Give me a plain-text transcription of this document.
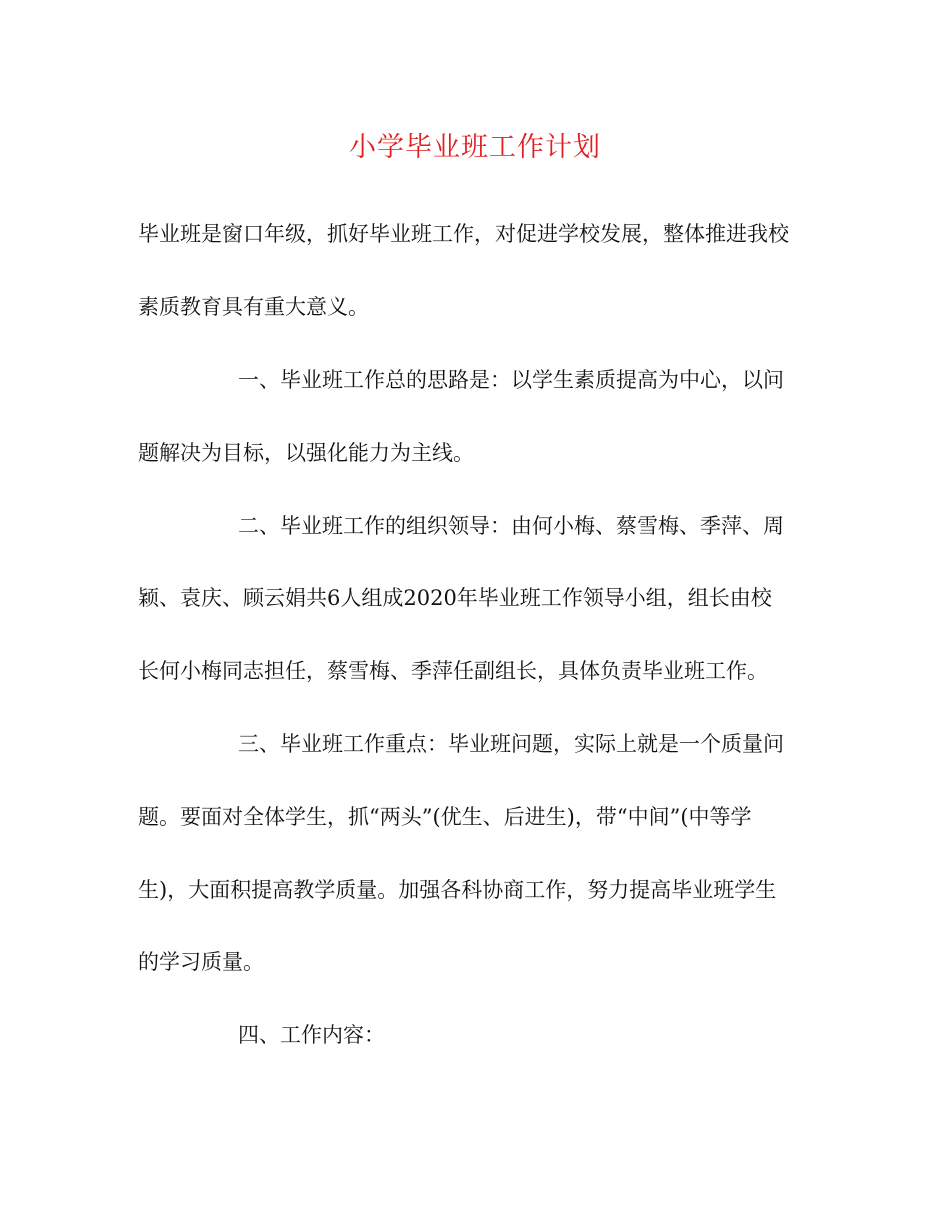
小学毕业班工作计划
毕业班是窗口年级，抓好毕业班工作，对促进学校发展，整体推进我校
素质教育具有重大意义。
一、毕业班工作总的思路是：以学生素质提高为中心，以问
题解决为目标，以强化能力为主线。
二、毕业班工作的组织领导：由何小梅、蔡雪梅、季萍、周
颖、袁庆、顾云娟共6人组成2020年毕业班工作领导小组，组长由校
长何小梅同志担任，蔡雪梅、季萍任副组长，具体负责毕业班工作。
三、毕业班工作重点：毕业班问题，实际上就是一个质量问
题。要面对全体学生，抓“两头”(优生、后进生)，带“中间”(中等学
生)，大面积提高教学质量。加强各科协商工作，努力提高毕业班学生
的学习质量。
四、工作内容：
